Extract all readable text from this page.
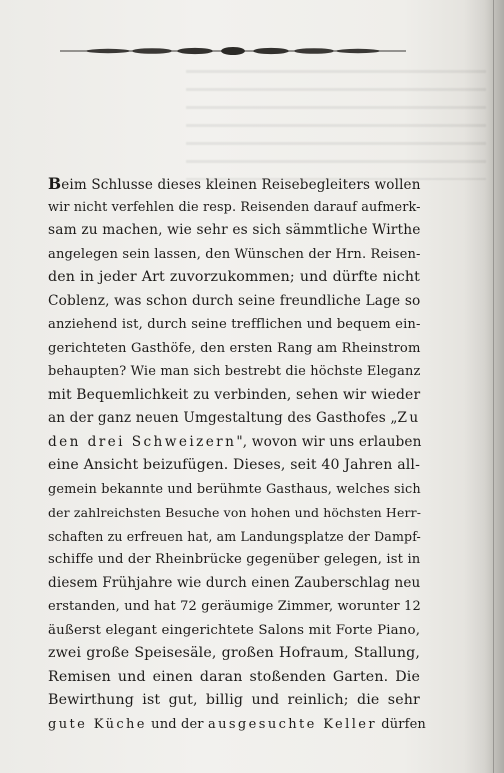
Beim Schlusse dieses kleinen Reisebegleiters wollen
wir nicht verfehlen die resp. Reisenden darauf aufmerk-
sam zu machen, wie sehr es sich sämmtliche Wirthe
angelegen sein lassen, den Wünschen der Hrn. Reisen-
den in jeder Art zuvorzukommen; und dürfte nicht
Coblenz, was schon durch seine freundliche Lage so
anziehend ist, durch seine trefflichen und bequem ein-
gerichteten Gasthöfe, den ersten Rang am Rheinstrom
behaupten? Wie man sich bestrebt die höchste Eleganz
mit Bequemlichkeit zu verbinden, sehen wir wieder
an der ganz neuen Umgestaltung des Gasthofes „Zu
den drei Schweizern", wovon wir uns erlauben
eine Ansicht beizufügen. Dieses, seit 40 Jahren all-
gemein bekannte und berühmte Gasthaus, welches sich
der zahlreichsten Besuche von hohen und höchsten Herr-
schaften zu erfreuen hat, am Landungsplatze der Dampf-
schiffe und der Rheinbrücke gegenüber gelegen, ist in
diesem Frühjahre wie durch einen Zauberschlag neu
erstanden, und hat 72 geräumige Zimmer, worunter 12
äußerst elegant eingerichtete Salons mit Forte Piano,
zwei große Speisesäle, großen Hofraum, Stallung,
Remisen und einen daran stoßenden Garten. Die
Bewirthung ist gut, billig und reinlich; die sehr
gute Küche und der ausgesuchte Keller dürfen
